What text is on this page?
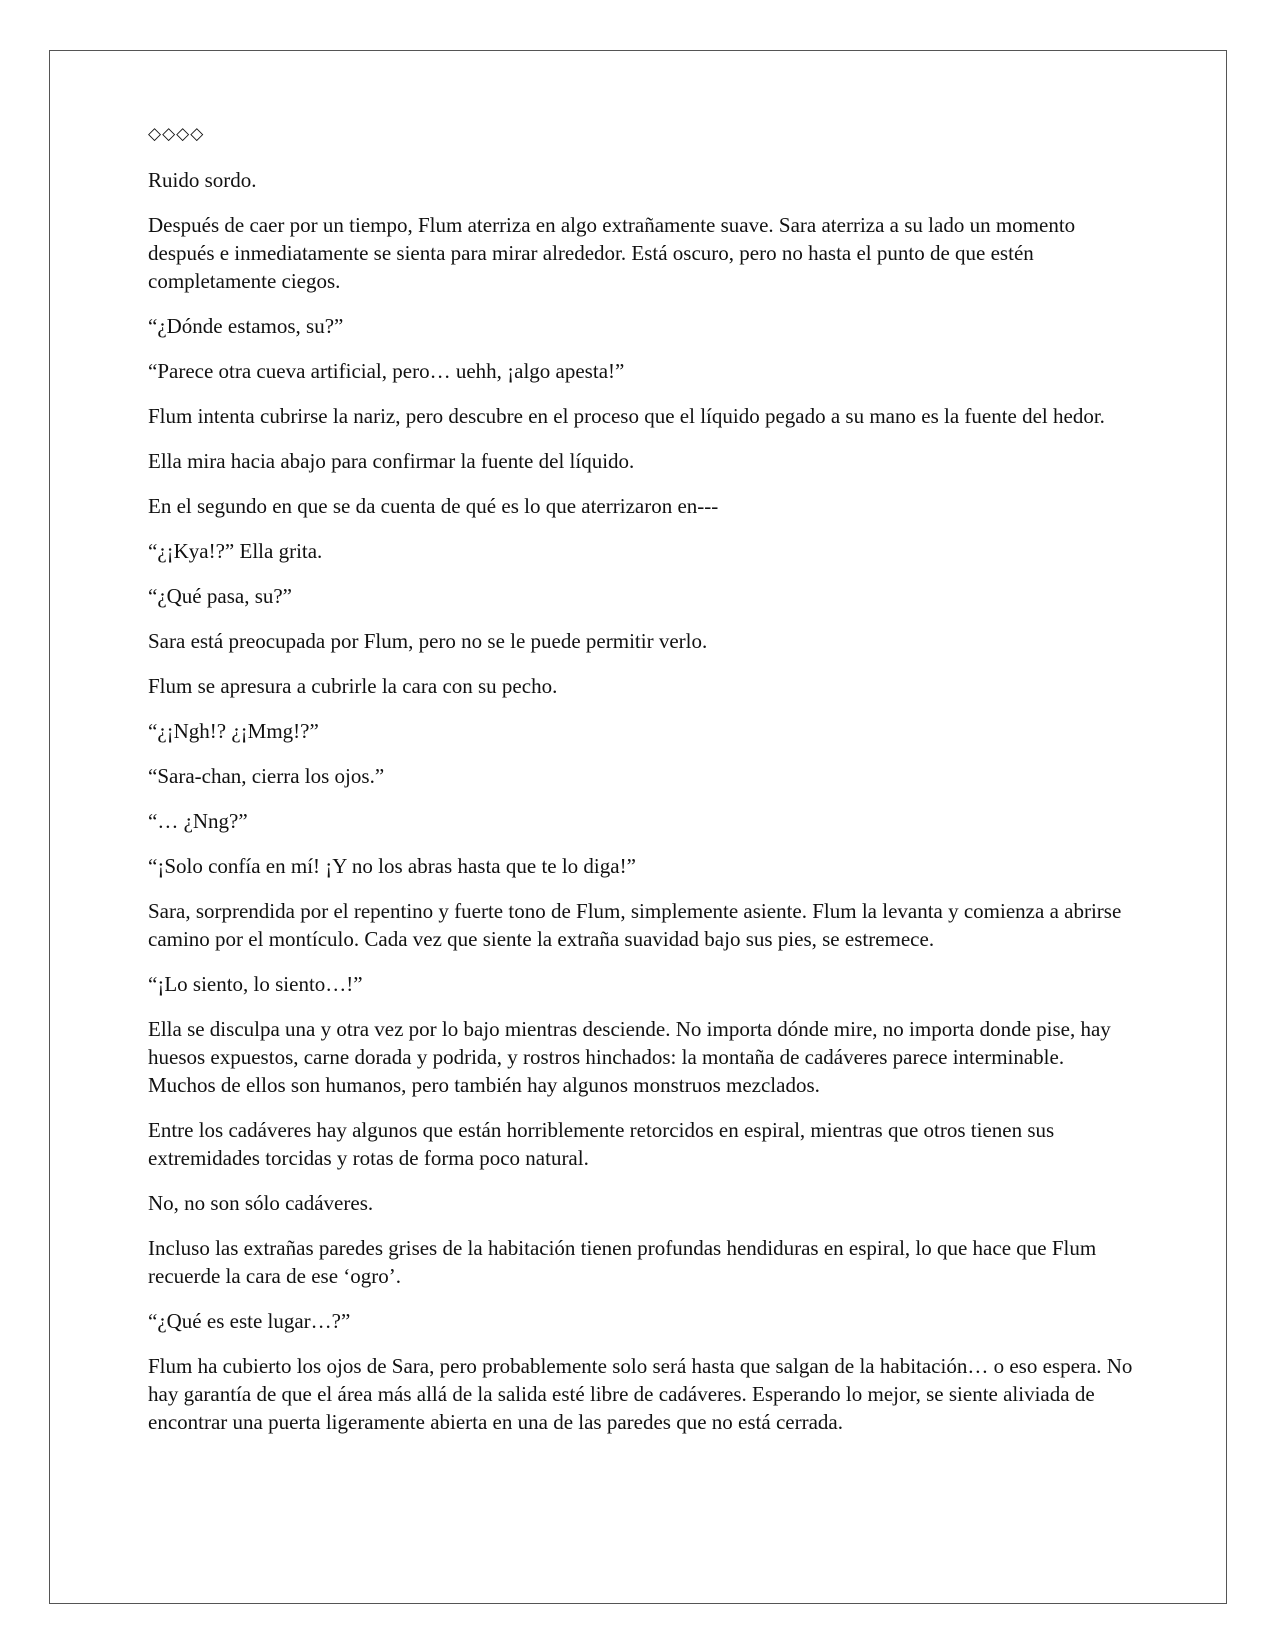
◇◇◇◇

Ruido sordo.

Después de caer por un tiempo, Flum aterriza en algo extrañamente suave. Sara aterriza a su lado un momento después e inmediatamente se sienta para mirar alrededor. Está oscuro, pero no hasta el punto de que estén completamente ciegos.

“¿Dónde estamos, su?”

“Parece otra cueva artificial, pero… uehh, ¡algo apesta!”

Flum intenta cubrirse la nariz, pero descubre en el proceso que el líquido pegado a su mano es la fuente del hedor.

Ella mira hacia abajo para confirmar la fuente del líquido.

En el segundo en que se da cuenta de qué es lo que aterrizaron en---

“¿¡Kya!?” Ella grita.

“¿Qué pasa, su?”

Sara está preocupada por Flum, pero no se le puede permitir verlo.

Flum se apresura a cubrirle la cara con su pecho.

“¿¡Ngh!? ¿¡Mmg!?”

“Sara-chan, cierra los ojos.”

“… ¿Nng?”

“¡Solo confía en mí! ¡Y no los abras hasta que te lo diga!”

Sara, sorprendida por el repentino y fuerte tono de Flum, simplemente asiente. Flum la levanta y comienza a abrirse camino por el montículo. Cada vez que siente la extraña suavidad bajo sus pies, se estremece.

“¡Lo siento, lo siento…!”

Ella se disculpa una y otra vez por lo bajo mientras desciende. No importa dónde mire, no importa donde pise, hay huesos expuestos, carne dorada y podrida, y rostros hinchados: la montaña de cadáveres parece interminable. Muchos de ellos son humanos, pero también hay algunos monstruos mezclados.

Entre los cadáveres hay algunos que están horriblemente retorcidos en espiral, mientras que otros tienen sus extremidades torcidas y rotas de forma poco natural.

No, no son sólo cadáveres.

Incluso las extrañas paredes grises de la habitación tienen profundas hendiduras en espiral, lo que hace que Flum recuerde la cara de ese ‘ogro’.

“¿Qué es este lugar…?”

Flum ha cubierto los ojos de Sara, pero probablemente solo será hasta que salgan de la habitación… o eso espera. No hay garantía de que el área más allá de la salida esté libre de cadáveres. Esperando lo mejor, se siente aliviada de encontrar una puerta ligeramente abierta en una de las paredes que no está cerrada.
